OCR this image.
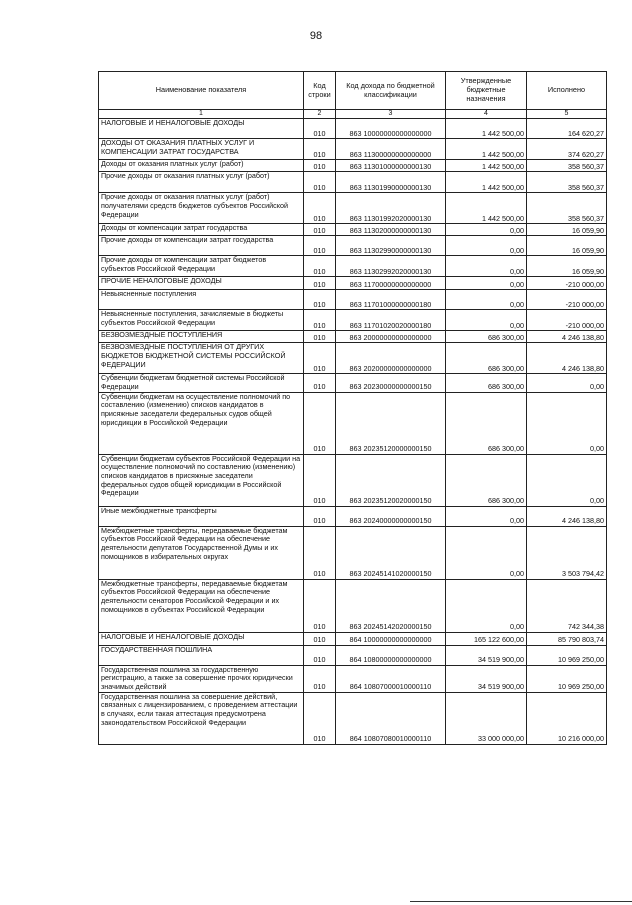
98
Наименование показателя	Код строки	Код дохода по бюджетной классификации	Утвержденные бюджетные назначения	Исполнено
1	2	3	4	5
НАЛОГОВЫЕ И НЕНАЛОГОВЫЕ ДОХОДЫ	010	863 10000000000000000	1 442 500,00	164 620,27
ДОХОДЫ ОТ ОКАЗАНИЯ ПЛАТНЫХ УСЛУГ И КОМПЕНСАЦИИ ЗАТРАТ ГОСУДАРСТВА	010	863 11300000000000000	1 442 500,00	374 620,27
Доходы от оказания платных услуг (работ)	010	863 11301000000000130	1 442 500,00	358 560,37
Прочие доходы от оказания платных услуг (работ)	010	863 11301990000000130	1 442 500,00	358 560,37
Прочие доходы от оказания платных услуг (работ) получателями средств бюджетов субъектов Российской Федерации	010	863 11301992020000130	1 442 500,00	358 560,37
Доходы от компенсации затрат государства	010	863 11302000000000130	0,00	16 059,90
Прочие доходы от компенсации затрат государства	010	863 11302990000000130	0,00	16 059,90
Прочие доходы от компенсации затрат бюджетов субъектов Российской Федерации	010	863 11302992020000130	0,00	16 059,90
ПРОЧИЕ НЕНАЛОГОВЫЕ ДОХОДЫ	010	863 11700000000000000	0,00	-210 000,00
Невыясненные поступления	010	863 11701000000000180	0,00	-210 000,00
Невыясненные поступления, зачисляемые в бюджеты субъектов Российской Федерации	010	863 11701020020000180	0,00	-210 000,00
БЕЗВОЗМЕЗДНЫЕ ПОСТУПЛЕНИЯ	010	863 20000000000000000	686 300,00	4 246 138,80
БЕЗВОЗМЕЗДНЫЕ ПОСТУПЛЕНИЯ ОТ ДРУГИХ БЮДЖЕТОВ БЮДЖЕТНОЙ СИСТЕМЫ РОССИЙСКОЙ ФЕДЕРАЦИИ	010	863 20200000000000000	686 300,00	4 246 138,80
Субвенции бюджетам бюджетной системы Российской Федерации	010	863 20230000000000150	686 300,00	0,00
Субвенции бюджетам на осуществление полномочий по составлению (изменению) списков кандидатов в присяжные заседатели федеральных судов общей юрисдикции в Российской Федерации	010	863 20235120000000150	686 300,00	0,00
Субвенции бюджетам субъектов Российской Федерации на осуществление полномочий по составлению (изменению) списков кандидатов в присяжные заседатели федеральных судов общей юрисдикции в Российской Федерации	010	863 20235120020000150	686 300,00	0,00
Иные межбюджетные трансферты	010	863 20240000000000150	0,00	4 246 138,80
Межбюджетные трансферты, передаваемые бюджетам субъектов Российской Федерации на обеспечение деятельности депутатов Государственной Думы и их помощников в избирательных округах	010	863 20245141020000150	0,00	3 503 794,42
Межбюджетные трансферты, передаваемые бюджетам субъектов Российской Федерации на обеспечение деятельности сенаторов Российской Федерации и их помощников в субъектах Российской Федерации	010	863 20245142020000150	0,00	742 344,38
НАЛОГОВЫЕ И НЕНАЛОГОВЫЕ ДОХОДЫ	010	864 10000000000000000	165 122 600,00	85 790 803,74
ГОСУДАРСТВЕННАЯ ПОШЛИНА	010	864 10800000000000000	34 519 900,00	10 969 250,00
Государственная пошлина за государственную регистрацию, а также за совершение прочих юридически значимых действий	010	864 10807000010000110	34 519 900,00	10 969 250,00
Государственная пошлина за совершение действий, связанных с лицензированием, с проведением аттестации в случаях, если такая аттестация предусмотрена законодательством Российской Федерации	010	864 10807080010000110	33 000 000,00	10 216 000,00
